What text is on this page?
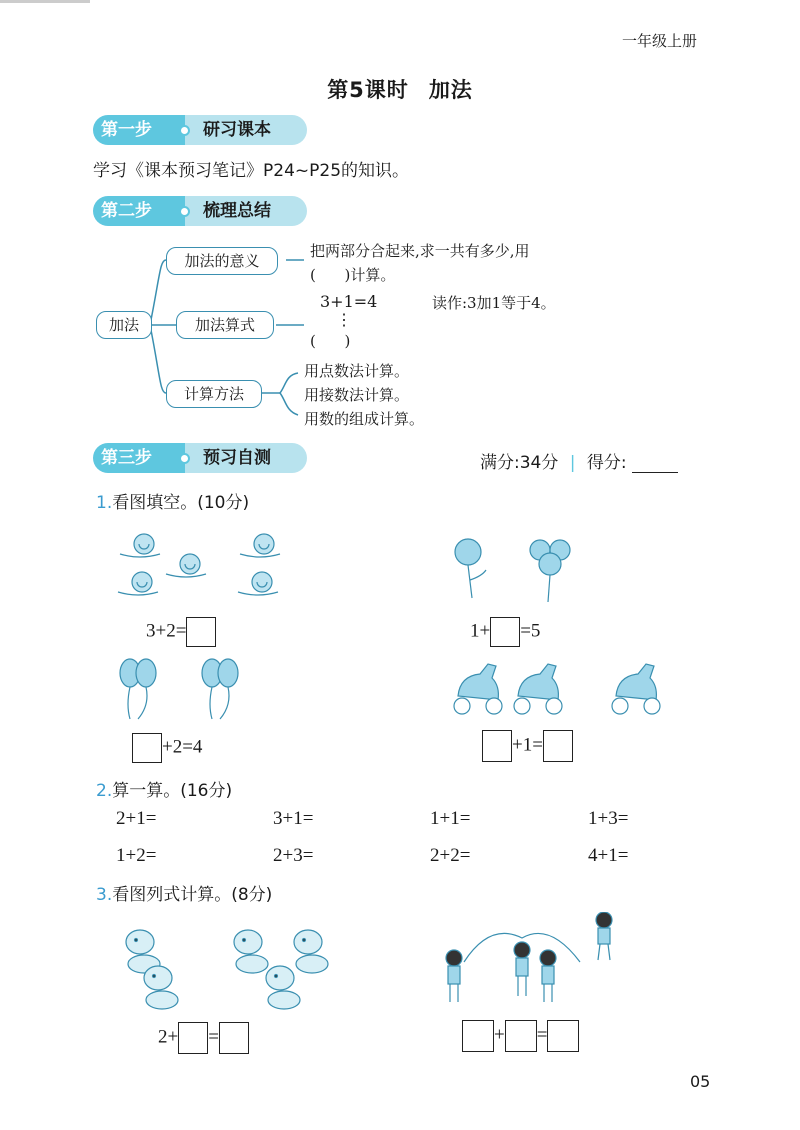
一年级上册
第5课时 加法
第一步	研习课本
学习《课本预习笔记》P24~P25的知识。
第二步	梳理总结
加法
加法的意义
加法算式
计算方法
把两部分合起来,求一共有多少,用
(      )计算。
3+1=4	读作:3加1等于4。
⋮
(      )
用点数法计算。
用接数法计算。
用数的组成计算。
第三步	预习自测	满分:34分 | 得分:
1.看图填空。(10分)
3+2=	1+ =5
+2=4	+1=
2.算一算。(16分)
2+1=	3+1=	1+1=	1+3=
1+2=	2+3=	2+2=	4+1=
3.看图列式计算。(8分)
2+ =	+ =
05
